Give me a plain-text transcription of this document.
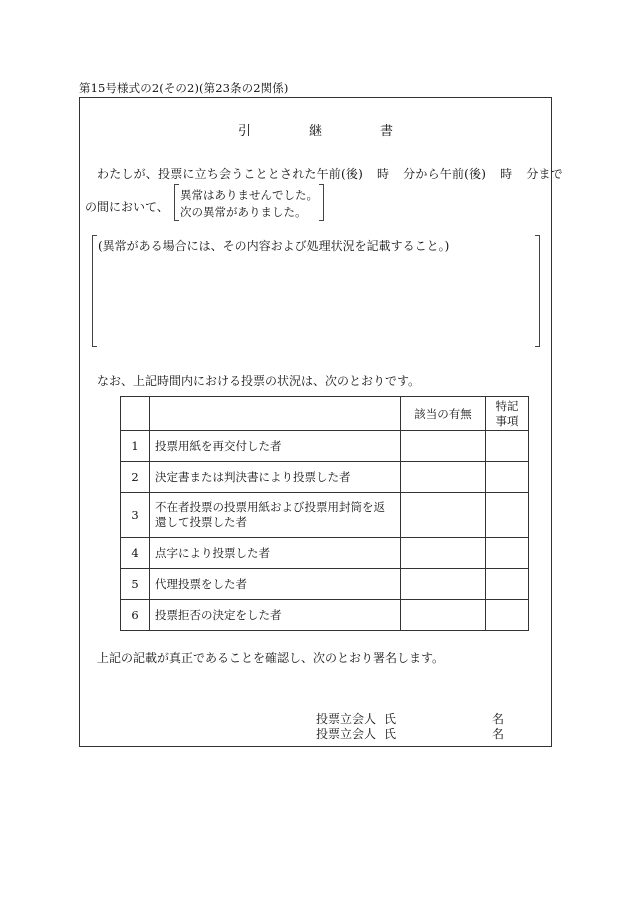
第15号様式の2(その2)(第23条の2関係)
引	継	書
わたしが、投票に立ち会うこととされた午前(後) 時 分から午前(後) 時 分まで
の間において、
異常はありませんでした。
次の異常がありました。
(異常がある場合には、その内容および処理状況を記載すること。)
なお、上記時間内における投票の状況は、次のとおりです。
		該当の有無	特記
事項
1	投票用紙を再交付した者		
2	決定書または判決書により投票した者		
3	不在者投票の投票用紙および投票用封筒を返還して投票した者		
4	点字により投票した者		
5	代理投票をした者		
6	投票拒否の決定をした者		
上記の記載が真正であることを確認し、次のとおり署名します。
投票立会人 氏	名
投票立会人 氏	名
